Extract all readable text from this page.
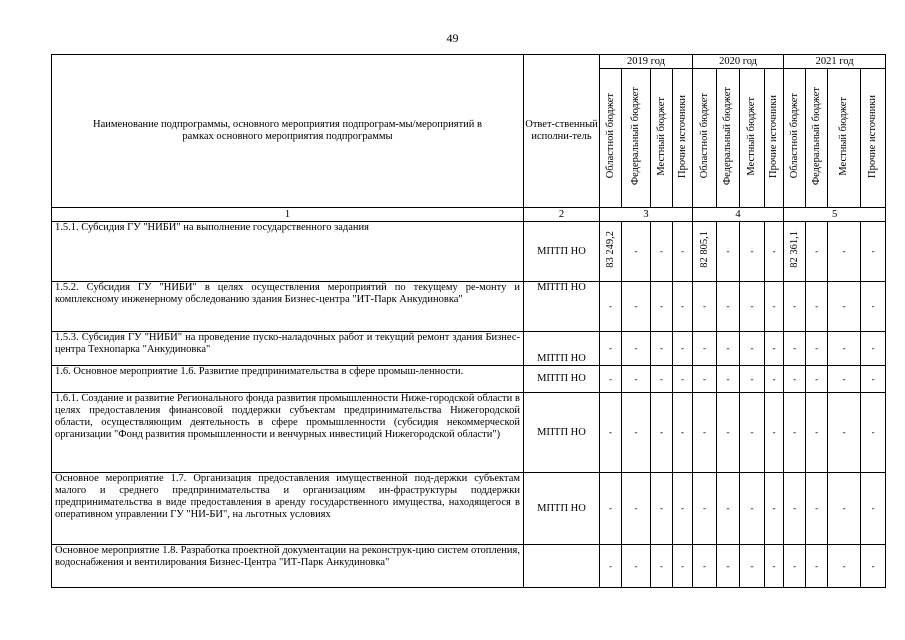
49
Наименование подпрограммы, основного мероприятия подпрограм-мы/мероприятий в рамках основного мероприятия подпрограммы	Ответ-ственный исполни-тель	2019 год				2020 год				2021 год			
		Областной бюджет	Федеральный бюджет	Местный бюджет	Прочие источники	Областной бюджет	Федеральный бюджет	Местный бюджет	Прочие источники	Областной бюджет	Федеральный бюджет	Местный бюджет	Прочие источники
1	2	3				4				5			
1.5.1. Субсидия ГУ "НИБИ" на выполнение государственного задания	МПТП НО	83 249,2	-	-	-	82 805,1	-	-	-	82 361,1	-	-	-
1.5.2. Субсидия ГУ "НИБИ" в целях осуществления мероприятий по текущему ре-монту и комплексному инженерному обследованию здания Бизнес-центра "ИТ-Парк Анкудиновка"	МПТП НО	-	-	-	-	-	-	-	-	-	-	-	-
1.5.3. Субсидия ГУ "НИБИ" на проведение пуско-наладочных работ и текущий ремонт здания Бизнес-центра Технопарка "Анкудиновка"	МПТП НО	-	-	-	-	-	-	-	-	-	-	-	-
1.6. Основное мероприятие 1.6. Развитие предпринимательства в сфере промыш-ленности.	МПТП НО	-	-	-	-	-	-	-	-	-	-	-	-
1.6.1. Создание и развитие Регионального фонда развития промышленности Ниже-городской области в целях предоставления финансовой поддержки субъектам предпринимательства Нижегородской области, осуществляющим деятельность в сфере промышленности (субсидия некоммерческой организации "Фонд развития промышленности и венчурных инвестиций Нижегородской области")	МПТП НО	-	-	-	-	-	-	-	-	-	-	-	-
Основное мероприятие 1.7. Организация предоставления имущественной под-держки субъектам малого и среднего предпринимательства и организациям ин-фраструктуры поддержки предпринимательства в виде предоставления в аренду государственного имущества, находящегося в оперативном управлении ГУ "НИ-БИ", на льготных условиях	МПТП НО	-	-	-	-	-	-	-	-	-	-	-	-
Основное мероприятие 1.8. Разработка проектной документации на реконструк-цию систем отопления, водоснабжения и вентилирования Бизнес-Центра "ИТ-Парк Анкудиновка"		-	-	-	-	-	-	-	-	-	-	-	-
